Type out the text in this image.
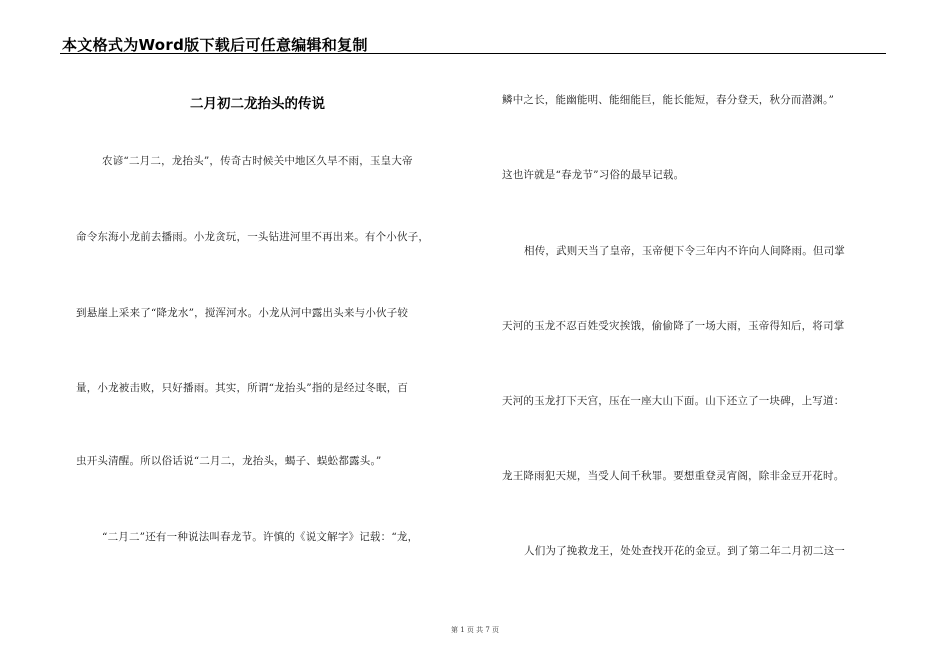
本文格式为Word版下载后可任意编辑和复制
二月初二龙抬头的传说
农谚“二月二，龙抬头”，传奇古时候关中地区久旱不雨，玉皇大帝
命令东海小龙前去播雨。小龙贪玩，一头钻进河里不再出来。有个小伙子，
到悬崖上采来了“降龙水”，搅浑河水。小龙从河中露出头来与小伙子较
量，小龙被击败，只好播雨。其实，所谓“龙抬头”指的是经过冬眠，百
虫开头清醒。所以俗话说“二月二，龙抬头，蝎子、蜈蚣都露头。”
“二月二”还有一种说法叫春龙节。许慎的《说文解字》记载：“龙，
鳞中之长，能幽能明、能细能巨，能长能短，春分登天，秋分而潜渊。”
这也许就是“春龙节”习俗的最早记载。
相传，武则天当了皇帝，玉帝便下令三年内不许向人间降雨。但司掌
天河的玉龙不忍百姓受灾挨饿，偷偷降了一场大雨，玉帝得知后，将司掌
天河的玉龙打下天宫，压在一座大山下面。山下还立了一块碑，上写道：
龙王降雨犯天规，当受人间千秋罪。要想重登灵宵阁，除非金豆开花时。
人们为了挽救龙王，处处查找开花的金豆。到了第二年二月初二这一
第 1 页 共 7 页
